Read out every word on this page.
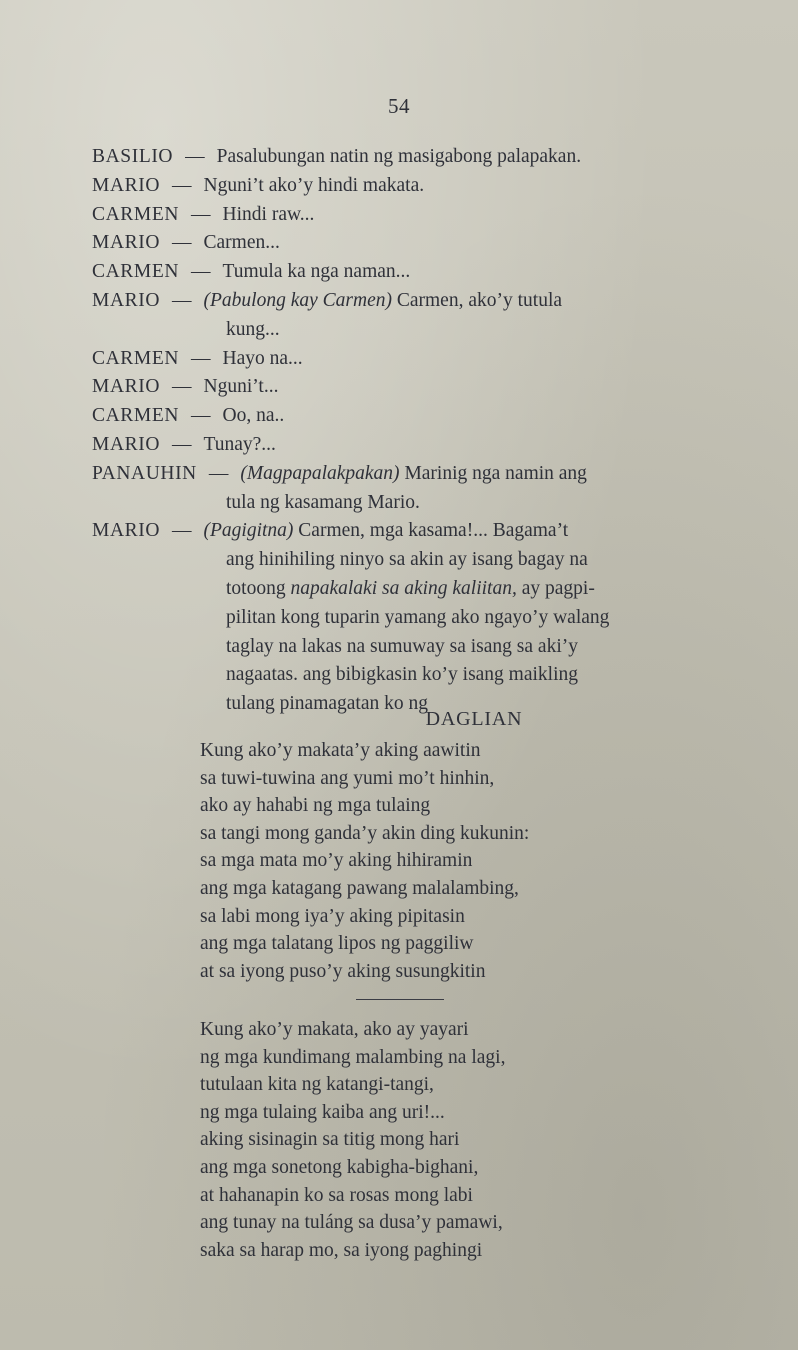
54
BASILIO — Pasalubungan natin ng masigabong palapakan.
MARIO — Nguni’t ako’y hindi makata.
CARMEN — Hindi raw...
MARIO — Carmen...
CARMEN — Tumula ka nga naman...
MARIO — (Pabulong kay Carmen) Carmen, ako’y tutula
kung...
CARMEN — Hayo na...
MARIO — Nguni’t...
CARMEN — Oo, na..
MARIO — Tunay?...
PANAUHIN — (Magpapalakpakan) Marinig nga namin ang
tula ng kasamang Mario.
MARIO — (Pagigitna) Carmen, mga kasama!... Bagama’t
ang hinihiling ninyo sa akin ay isang bagay na
totoong napakalaki sa aking kaliitan, ay pagpi-
pilitan kong tuparin yamang ako ngayo’y walang
taglay na lakas na sumuway sa isang sa aki’y
nagaatas. ang bibigkasin ko’y isang maikling
tulang pinamagatan ko ng
DAGLIAN
Kung ako’y makata’y aking aawitin
sa tuwi-tuwina ang yumi mo’t hinhin,
ako ay hahabi ng mga tulaing
sa tangi mong ganda’y akin ding kukunin:
sa mga mata mo’y aking hihiramin
ang mga katagang pawang malalambing,
sa labi mong iya’y aking pipitasin
ang mga talatang lipos ng paggiliw
at sa iyong puso’y aking susungkitin
Kung ako’y makata, ako ay yayari
ng mga kundimang malambing na lagi,
tutulaan kita ng katangi-tangi,
ng mga tulaing kaiba ang uri!...
aking sisinagin sa titig mong hari
ang mga sonetong kabigha-bighani,
at hahanapin ko sa rosas mong labi
ang tunay na tuláng sa dusa’y pamawi,
saka sa harap mo, sa iyong paghingi
